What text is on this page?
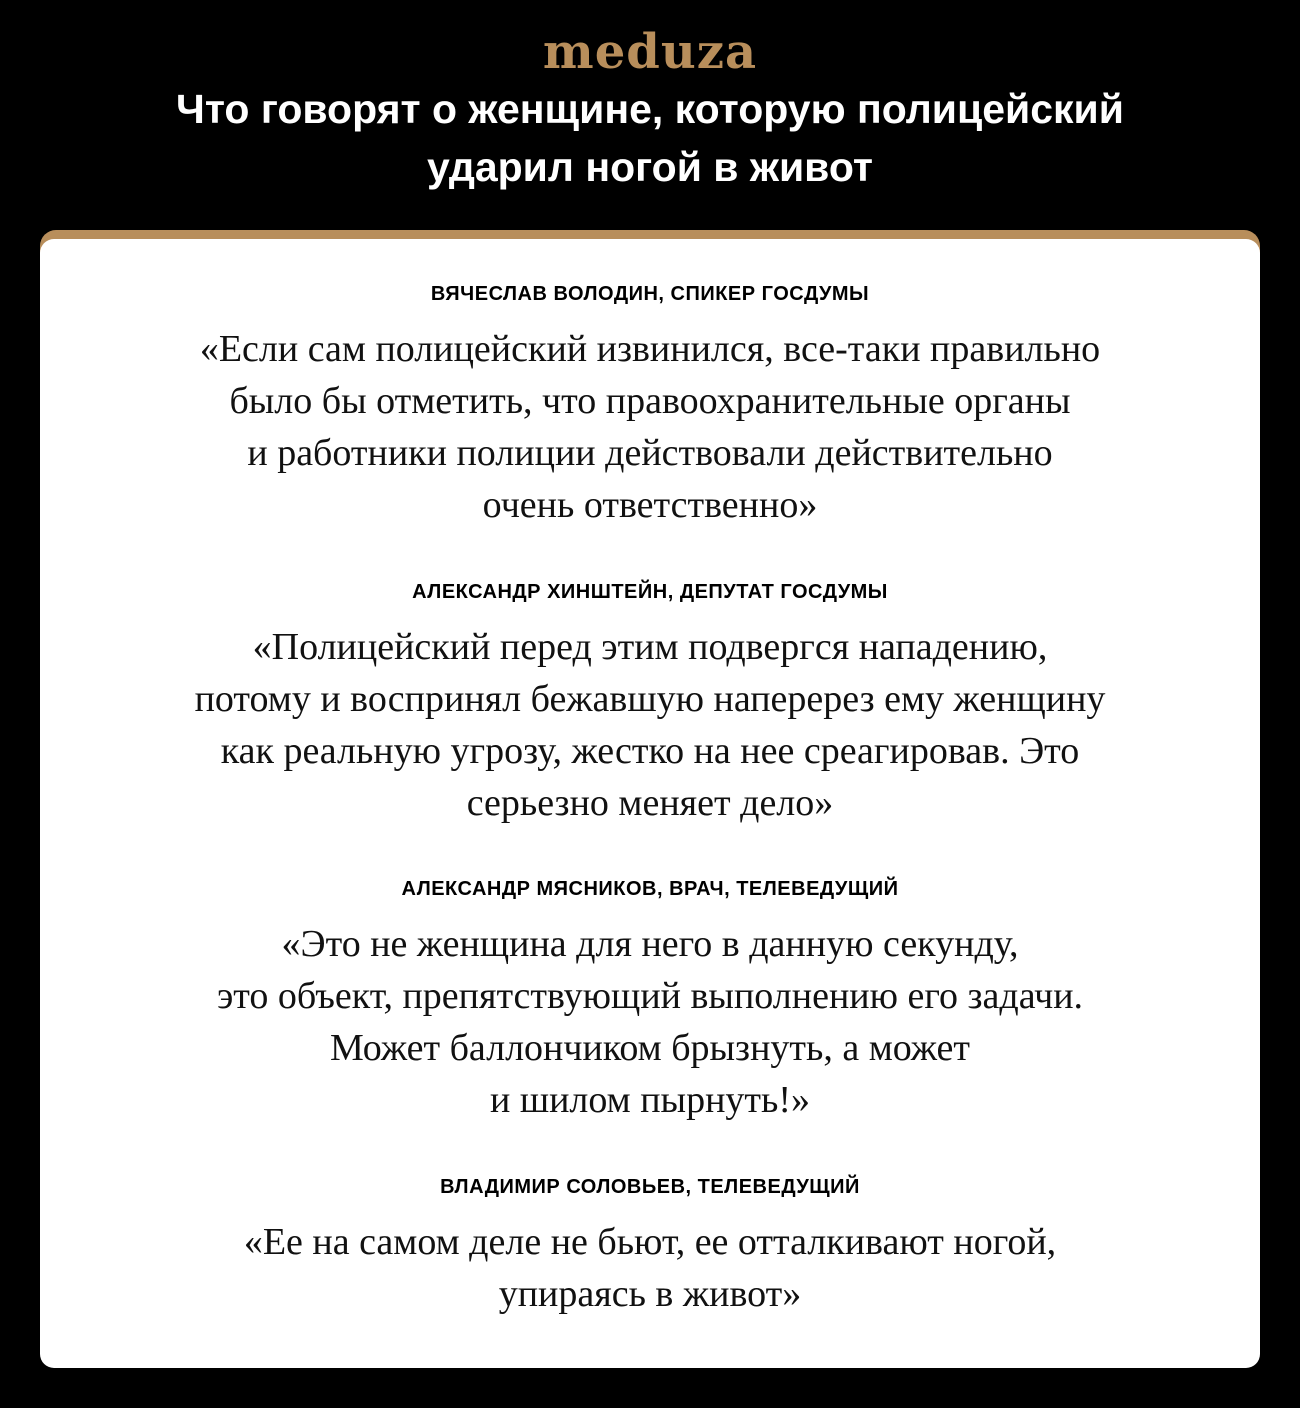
meduza
Что говорят о женщине, которую полицейский
ударил ногой в живот
ВЯЧЕСЛАВ ВОЛОДИН, СПИКЕР ГОСДУМЫ
«Если сам полицейский извинился, все-таки правильно
было бы отметить, что правоохранительные органы
и работники полиции действовали действительно
очень ответственно»
АЛЕКСАНДР ХИНШТЕЙН, ДЕПУТАТ ГОСДУМЫ
«Полицейский перед этим подвергся нападению,
потому и воспринял бежавшую наперерез ему женщину
как реальную угрозу, жестко на нее среагировав. Это
серьезно меняет дело»
АЛЕКСАНДР МЯСНИКОВ, ВРАЧ, ТЕЛЕВЕДУЩИЙ
«Это не женщина для него в данную секунду,
это объект, препятствующий выполнению его задачи.
Может баллончиком брызнуть, а может
и шилом пырнуть!»
ВЛАДИМИР СОЛОВЬЕВ, ТЕЛЕВЕДУЩИЙ
«Ее на самом деле не бьют, ее отталкивают ногой,
упираясь в живот»
